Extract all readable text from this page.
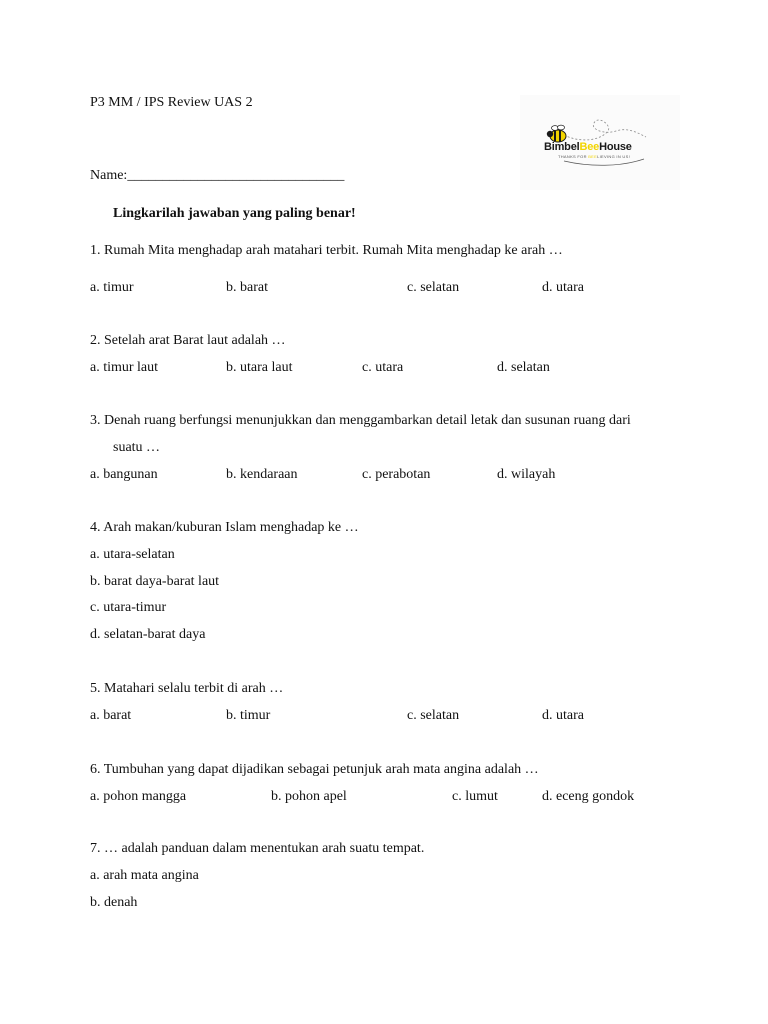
P3 MM / IPS Review UAS 2
Name:_______________________________
Lingkarilah jawaban yang paling benar!
BimbelBeeHouse
THANKS FOR BEELIEVING IN US!
1. Rumah Mita menghadap arah matahari terbit. Rumah Mita menghadap ke arah …
a. timur	b. barat	c. selatan	d. utara
2. Setelah arat Barat laut adalah …
a. timur laut	b. utara laut	c. utara	d. selatan
3. Denah ruang berfungsi menunjukkan dan menggambarkan detail letak dan susunan ruang dari
suatu …
a. bangunan	b. kendaraan	c. perabotan	d. wilayah
4. Arah makan/kuburan Islam menghadap ke …
a. utara-selatan
b. barat daya-barat laut
c. utara-timur
d. selatan-barat daya
5. Matahari selalu terbit di arah …
a. barat	b. timur	c. selatan	d. utara
6. Tumbuhan yang dapat dijadikan sebagai petunjuk arah mata angina adalah …
a. pohon mangga	b. pohon apel	c. lumut	d. eceng gondok
7. … adalah panduan dalam menentukan arah suatu tempat.
a. arah mata angina
b. denah
